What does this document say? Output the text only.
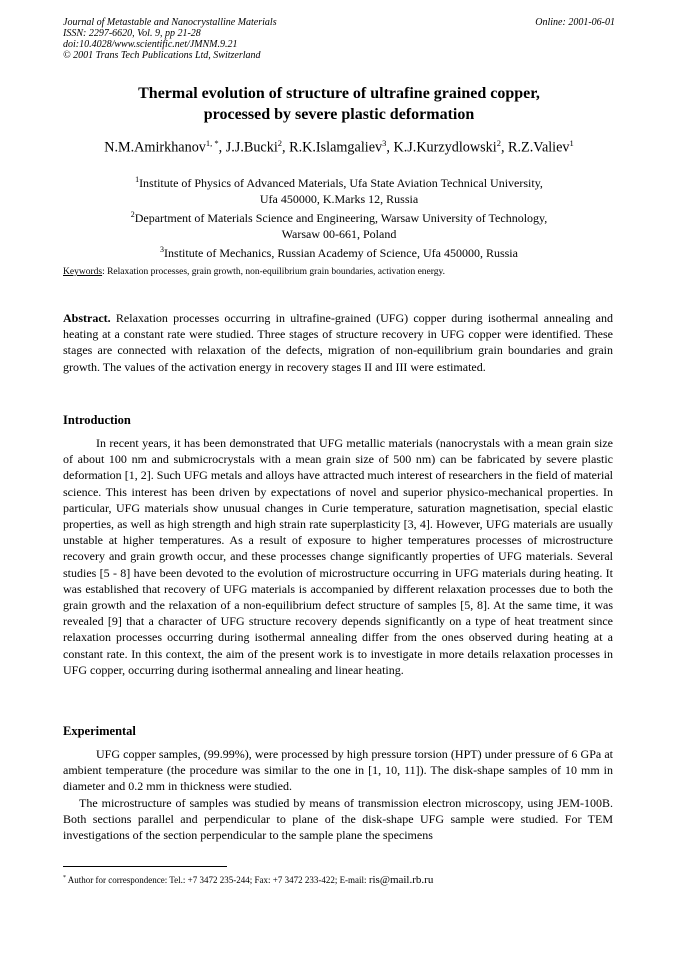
Journal of Metastable and Nanocrystalline Materials
ISSN: 2297-6620, Vol. 9, pp 21-28
doi:10.4028/www.scientific.net/JMNM.9.21
© 2001 Trans Tech Publications Ltd, Switzerland
Online: 2001-06-01
Thermal evolution of structure of ultrafine grained copper,
processed by severe plastic deformation
N.M.Amirkhanov$^{1, *}$, J.J.Bucki$^2$, R.K.Islamgaliev$^3$, K.J.Kurzydlowski$^2$, R.Z.Valiev$^1$
$^1$Institute of Physics of Advanced Materials, Ufa State Aviation Technical University,
Ufa 450000, K.Marks 12, Russia
$^2$Department of Materials Science and Engineering, Warsaw University of Technology,
Warsaw 00-661, Poland
$^3$Institute of Mechanics, Russian Academy of Science, Ufa 450000, Russia
Keywords: Relaxation processes, grain growth, non-equilibrium grain boundaries, activation energy.
Abstract. Relaxation processes occurring in ultrafine-grained (UFG) copper during isothermal annealing and heating at a constant rate were studied. Three stages of structure recovery in UFG copper were identified. These stages are connected with relaxation of the defects, migration of non-equilibrium grain boundaries and grain growth. The values of the activation energy in recovery stages II and III were estimated.
Introduction
In recent years, it has been demonstrated that UFG metallic materials (nanocrystals with a mean grain size of about 100 nm and submicrocrystals with a mean grain size of 500 nm) can be fabricated by severe plastic deformation [1, 2]. Such UFG metals and alloys have attracted much interest of researchers in the field of material science. This interest has been driven by expectations of novel and superior physico-mechanical properties. In particular, UFG materials show unusual changes in Curie temperature, saturation magnetisation, special elastic properties, as well as high strength and high strain rate superplasticity [3, 4]. However, UFG materials are usually unstable at higher temperatures. As a result of exposure to higher temperatures processes of microstructure recovery and grain growth occur, and these processes change significantly properties of UFG materials. Several studies [5 - 8] have been devoted to the evolution of microstructure occurring in UFG materials during heating. It was established that recovery of UFG materials is accompanied by different relaxation processes due to both the grain growth and the relaxation of a non-equilibrium defect structure of samples [5, 8]. At the same time, it was revealed [9] that a character of UFG structure recovery depends significantly on a type of heat treatment since relaxation processes occurring during isothermal annealing differ from the ones observed during heating at a constant rate. In this context, the aim of the present work is to investigate in more details relaxation processes in UFG copper, occurring during isothermal annealing and linear heating.
Experimental

UFG copper samples, (99.99%), were processed by high pressure torsion (HPT) under pressure of 6 GPa at ambient temperature (the procedure was similar to the one in [1, 10, 11]). The disk-shape samples of 10 mm in diameter and 0.2 mm in thickness were studied.

The microstructure of samples was studied by means of transmission electron microscopy, using JEM-100B. Both sections parallel and perpendicular to plane of the disk-shape UFG sample were studied. For TEM investigations of the section perpendicular to the sample plane the specimens

* Author for correspondence: Tel.: +7 3472 235-244; Fax: +7 3472 233-422; E-mail: ris@mail.rb.ru
